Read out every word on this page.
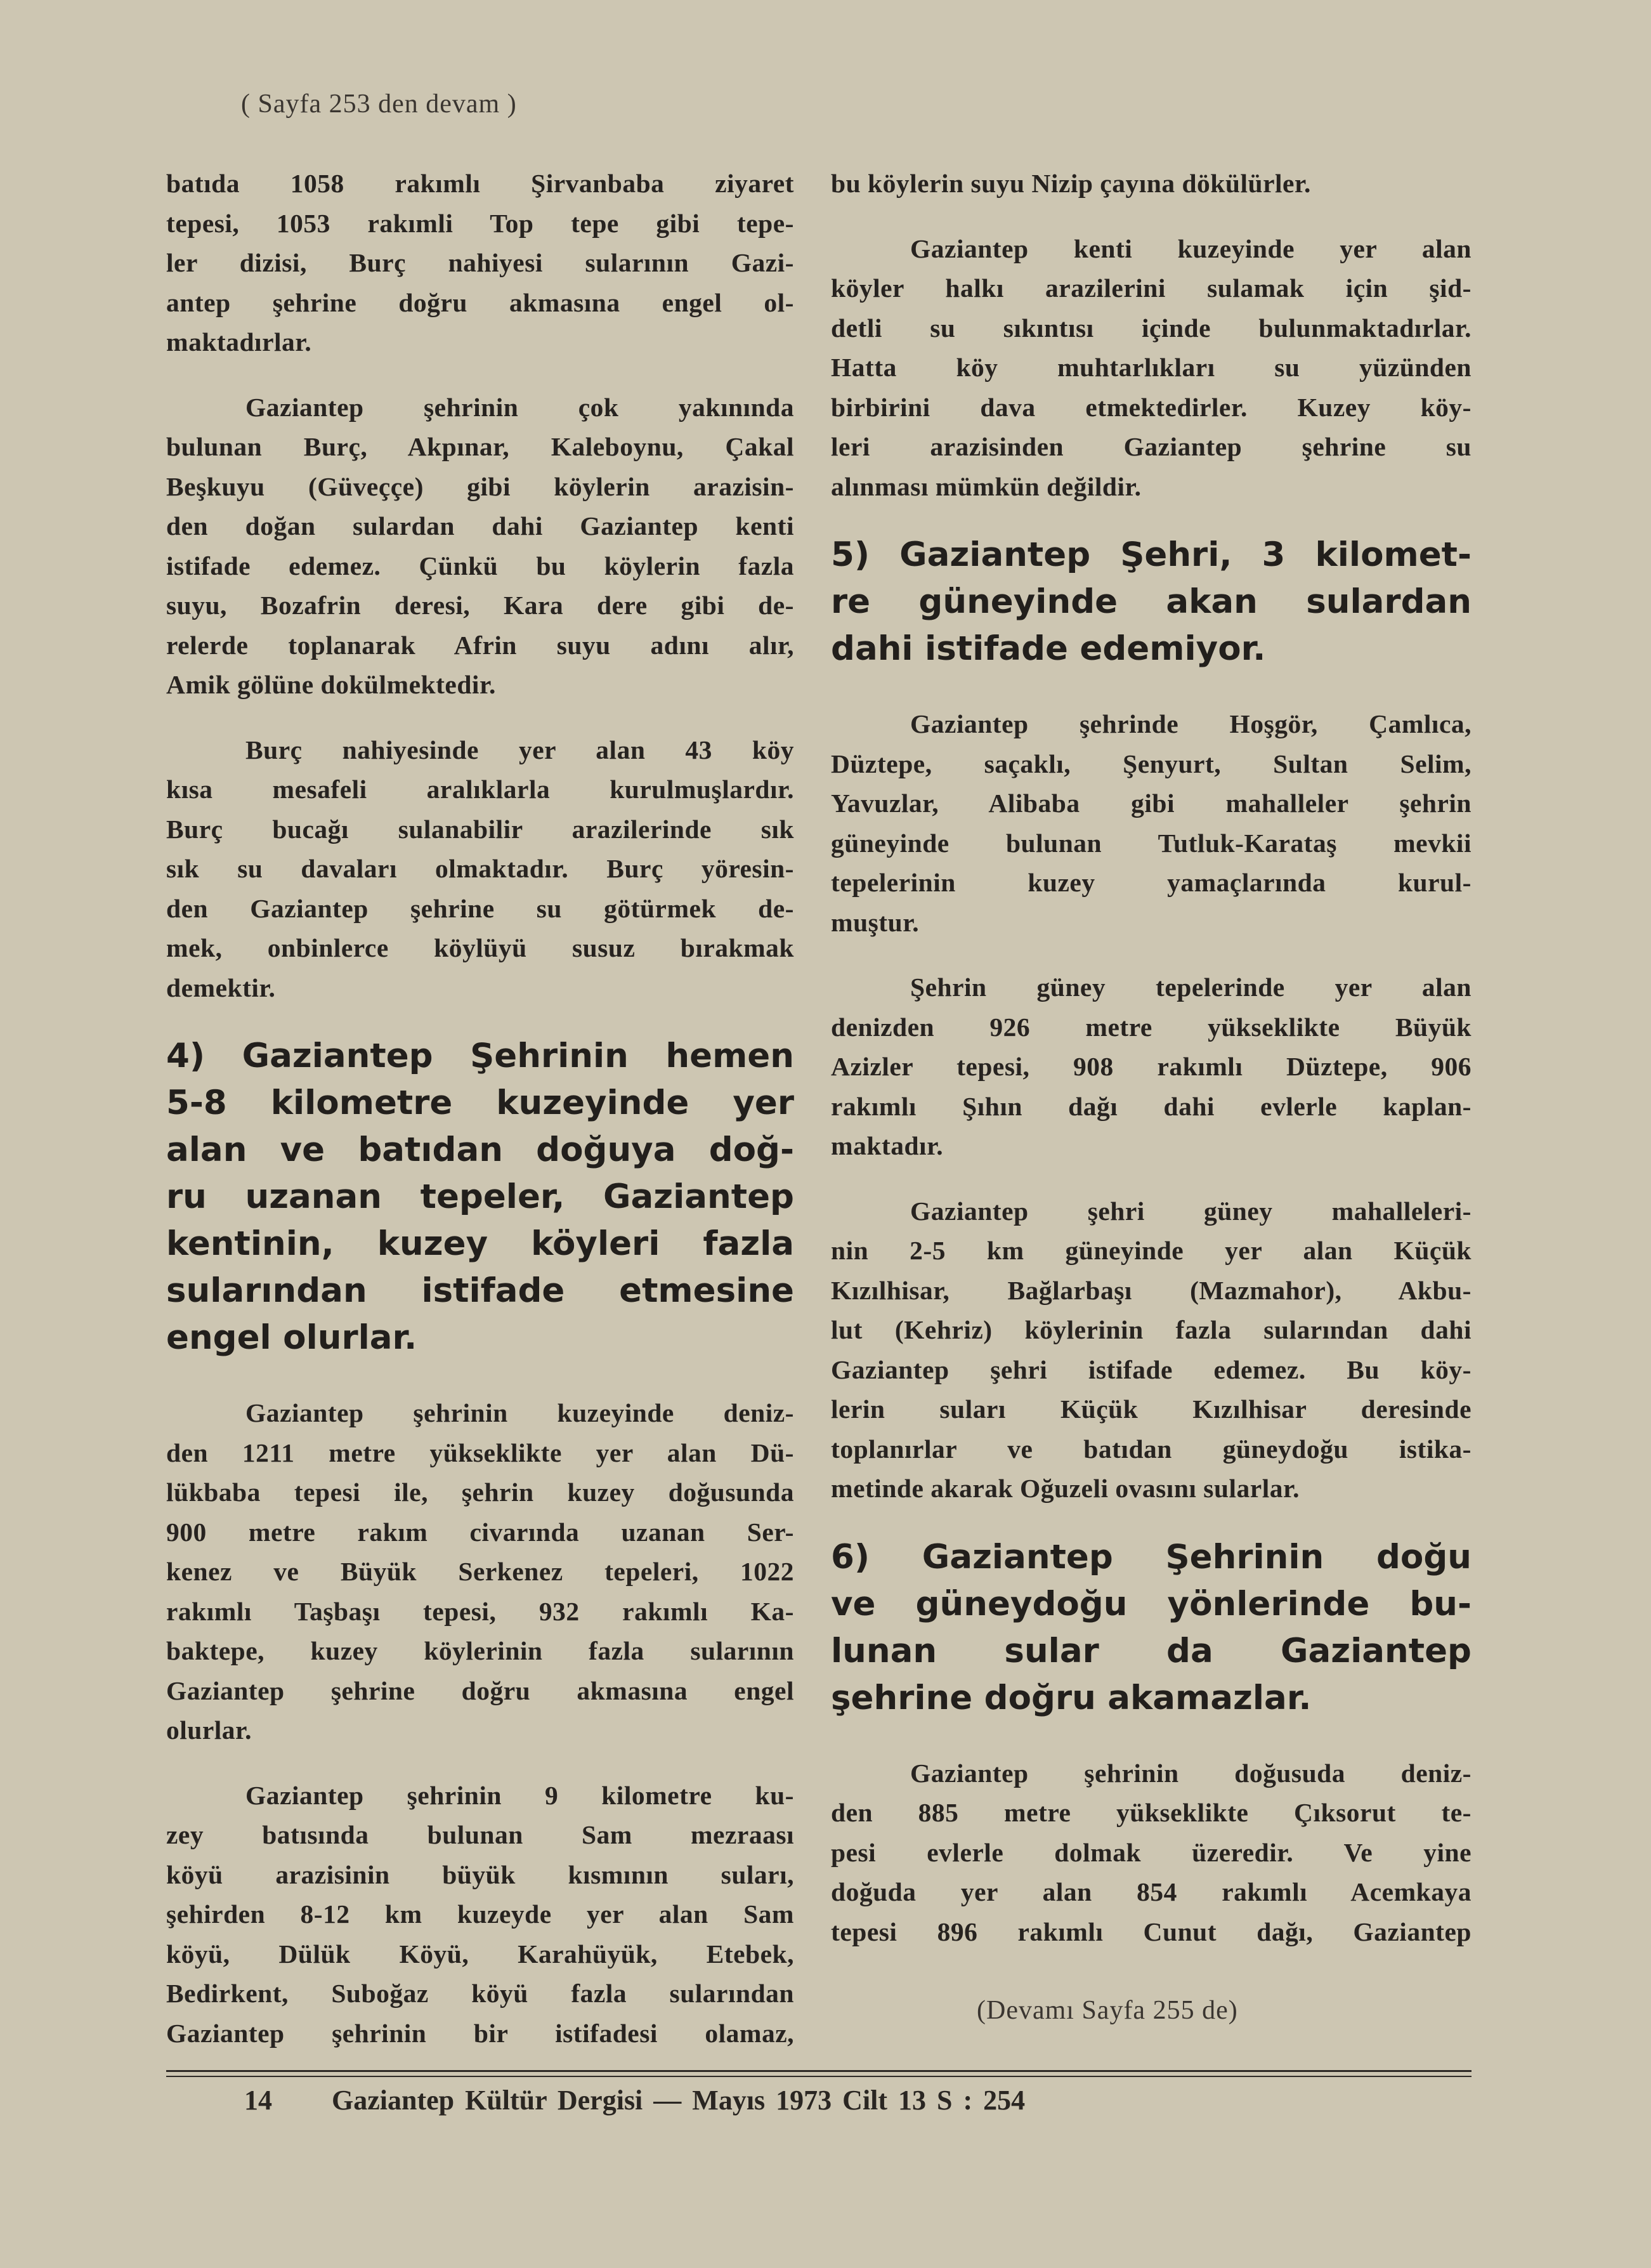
( Sayfa 253 den devam )
batıda 1058 rakımlı Şirvanbaba ziyaret
tepesi, 1053 rakımli Top tepe gibi tepe-
ler dizisi, Burç nahiyesi sularının Gazi-
antep şehrine doğru akmasına engel ol-
maktadırlar.
Gaziantep şehrinin çok yakınında
bulunan Burç, Akpınar, Kaleboynu, Çakal
Beşkuyu (Güveççe) gibi köylerin arazisin-
den doğan sulardan dahi Gaziantep kenti
istifade edemez. Çünkü bu köylerin fazla
suyu, Bozafrin deresi, Kara dere gibi de-
relerde toplanarak Afrin suyu adını alır,
Amik gölüne dokülmektedir.
Burç nahiyesinde yer alan 43 köy
kısa mesafeli aralıklarla kurulmuşlardır.
Burç bucağı sulanabilir arazilerinde sık
sık su davaları olmaktadır. Burç yöresin-
den Gaziantep şehrine su götürmek de-
mek, onbinlerce köylüyü susuz bırakmak
demektir.
4) Gaziantep Şehrinin hemen
5-8 kilometre kuzeyinde yer
alan ve batıdan doğuya doğ-
ru uzanan tepeler, Gaziantep
kentinin, kuzey köyleri fazla
sularından istifade etmesine
engel olurlar.
Gaziantep şehrinin kuzeyinde deniz-
den 1211 metre yükseklikte yer alan Dü-
lükbaba tepesi ile, şehrin kuzey doğusunda
900 metre rakım civarında uzanan Ser-
kenez ve Büyük Serkenez tepeleri, 1022
rakımlı Taşbaşı tepesi, 932 rakımlı Ka-
baktepe, kuzey köylerinin fazla sularının
Gaziantep şehrine doğru akmasına engel
olurlar.
Gaziantep şehrinin 9 kilometre ku-
zey batısında bulunan Sam mezraası
köyü arazisinin büyük kısmının suları,
şehirden 8-12 km kuzeyde yer alan Sam
köyü, Dülük Köyü, Karahüyük, Etebek,
Bedirkent, Suboğaz köyü fazla sularından
Gaziantep şehrinin bir istifadesi olamaz,
bu köylerin suyu Nizip çayına dökülürler.
Gaziantep kenti kuzeyinde yer alan
köyler halkı arazilerini sulamak için şid-
detli su sıkıntısı içinde bulunmaktadırlar.
Hatta köy muhtarlıkları su yüzünden
birbirini dava etmektedirler. Kuzey köy-
leri arazisinden Gaziantep şehrine su
alınması mümkün değildir.
5) Gaziantep Şehri, 3 kilomet-
re güneyinde akan sulardan
dahi istifade edemiyor.
Gaziantep şehrinde Hoşgör, Çamlıca,
Düztepe, saçaklı, Şenyurt, Sultan Selim,
Yavuzlar, Alibaba gibi mahalleler şehrin
güneyinde bulunan Tutluk-Karataş mevkii
tepelerinin kuzey yamaçlarında kurul-
muştur.
Şehrin güney tepelerinde yer alan
denizden 926 metre yükseklikte Büyük
Azizler tepesi, 908 rakımlı Düztepe, 906
rakımlı Şıhın dağı dahi evlerle kaplan-
maktadır.
Gaziantep şehri güney mahalleleri-
nin 2-5 km güneyinde yer alan Küçük
Kızılhisar, Bağlarbaşı (Mazmahor), Akbu-
lut (Kehriz) köylerinin fazla sularından dahi
Gaziantep şehri istifade edemez. Bu köy-
lerin suları Küçük Kızılhisar deresinde
toplanırlar ve batıdan güneydoğu istika-
metinde akarak Oğuzeli ovasını sularlar.
6) Gaziantep Şehrinin doğu
ve güneydoğu yönlerinde bu-
lunan sular da Gaziantep
şehrine doğru akamazlar.
Gaziantep şehrinin doğusuda deniz-
den 885 metre yükseklikte Çıksorut te-
pesi evlerle dolmak üzeredir. Ve yine
doğuda yer alan 854 rakımlı Acemkaya
tepesi 896 rakımlı Cunut dağı, Gaziantep
(Devamı Sayfa 255 de)
14 Gaziantep Kültür Dergisi — Mayıs 1973 Cilt 13 S : 254
